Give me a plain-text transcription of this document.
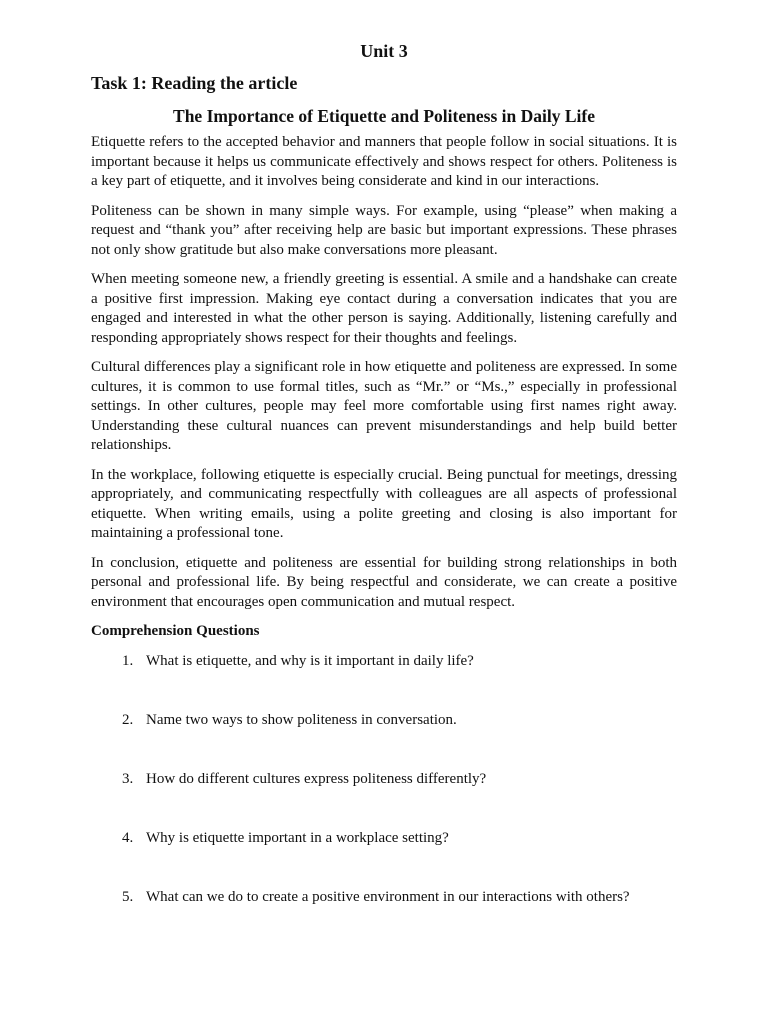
Unit 3
Task 1: Reading the article
The Importance of Etiquette and Politeness in Daily Life

Etiquette refers to the accepted behavior and manners that people follow in social situations. It is important because it helps us communicate effectively and shows respect for others. Politeness is a key part of etiquette, and it involves being considerate and kind in our interactions.

Politeness can be shown in many simple ways. For example, using “please” when making a request and “thank you” after receiving help are basic but important expressions. These phrases not only show gratitude but also make conversations more pleasant.

When meeting someone new, a friendly greeting is essential. A smile and a handshake can create a positive first impression. Making eye contact during a conversation indicates that you are engaged and interested in what the other person is saying. Additionally, listening carefully and responding appropriately shows respect for their thoughts and feelings.

Cultural differences play a significant role in how etiquette and politeness are expressed. In some cultures, it is common to use formal titles, such as “Mr.” or “Ms.,” especially in professional settings. In other cultures, people may feel more comfortable using first names right away. Understanding these cultural nuances can prevent misunderstandings and help build better relationships.

In the workplace, following etiquette is especially crucial. Being punctual for meetings, dressing appropriately, and communicating respectfully with colleagues are all aspects of professional etiquette. When writing emails, using a polite greeting and closing is also important for maintaining a professional tone.

In conclusion, etiquette and politeness are essential for building strong relationships in both personal and professional life. By being respectful and considerate, we can create a positive environment that encourages open communication and mutual respect.

Comprehension Questions
1. What is etiquette, and why is it important in daily life?
2. Name two ways to show politeness in conversation.
3. How do different cultures express politeness differently?
4. Why is etiquette important in a workplace setting?
5. What can we do to create a positive environment in our interactions with others?
